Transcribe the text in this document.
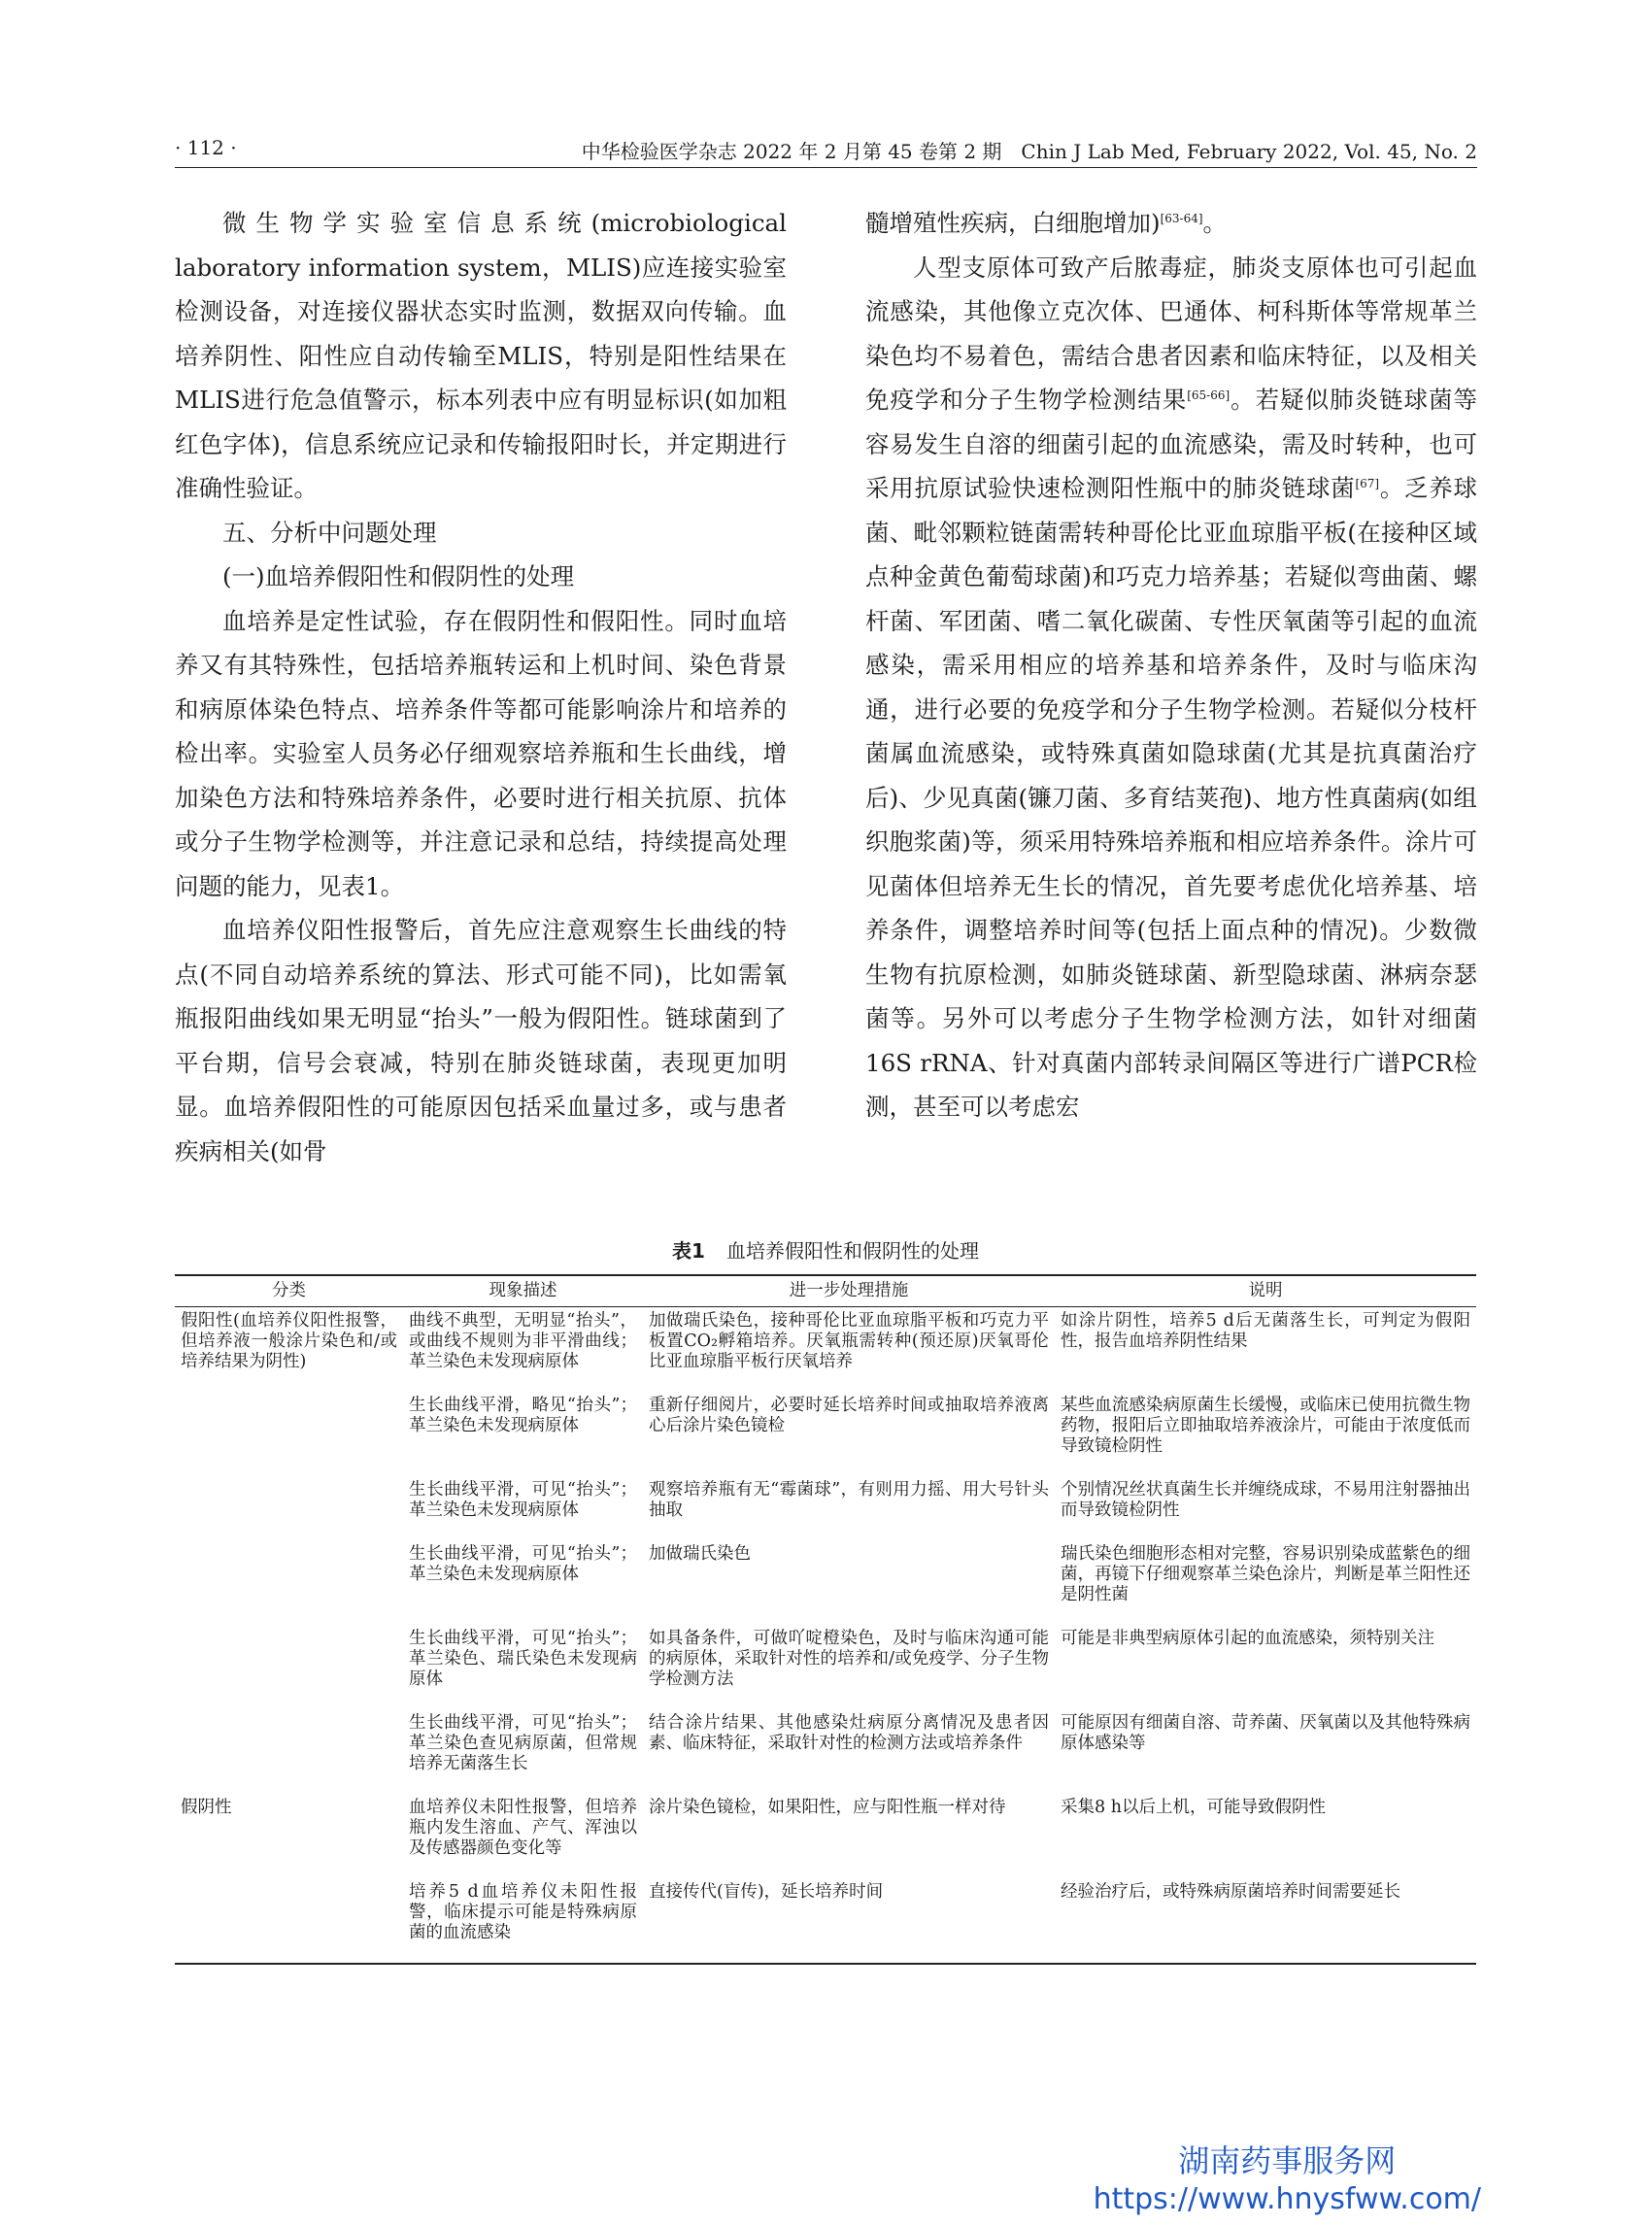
· 112 ·	中华检验医学杂志 2022 年 2 月第 45 卷第 2 期　Chin J Lab Med, February 2022, Vol. 45, No. 2

微生物学实验室信息系统(microbiological laboratory information system，MLIS)应连接实验室检测设备，对连接仪器状态实时监测，数据双向传输。血培养阴性、阳性应自动传输至MLIS，特别是阳性结果在MLIS进行危急值警示，标本列表中应有明显标识(如加粗红色字体)，信息系统应记录和传输报阳时长，并定期进行准确性验证。

五、分析中问题处理

(一)血培养假阳性和假阴性的处理

血培养是定性试验，存在假阴性和假阳性。同时血培养又有其特殊性，包括培养瓶转运和上机时间、染色背景和病原体染色特点、培养条件等都可能影响涂片和培养的检出率。实验室人员务必仔细观察培养瓶和生长曲线，增加染色方法和特殊培养条件，必要时进行相关抗原、抗体或分子生物学检测等，并注意记录和总结，持续提高处理问题的能力，见表1。

血培养仪阳性报警后，首先应注意观察生长曲线的特点(不同自动培养系统的算法、形式可能不同)，比如需氧瓶报阳曲线如果无明显“抬头”一般为假阳性。链球菌到了平台期，信号会衰减，特别在肺炎链球菌，表现更加明显。血培养假阳性的可能原因包括采血量过多，或与患者疾病相关(如骨

髓增殖性疾病，白细胞增加)[63-64]。

人型支原体可致产后脓毒症，肺炎支原体也可引起血流感染，其他像立克次体、巴通体、柯科斯体等常规革兰染色均不易着色，需结合患者因素和临床特征，以及相关免疫学和分子生物学检测结果[65-66]。若疑似肺炎链球菌等容易发生自溶的细菌引起的血流感染，需及时转种，也可采用抗原试验快速检测阳性瓶中的肺炎链球菌[67]。乏养球菌、毗邻颗粒链菌需转种哥伦比亚血琼脂平板(在接种区域点种金黄色葡萄球菌)和巧克力培养基；若疑似弯曲菌、螺杆菌、军团菌、嗜二氧化碳菌、专性厌氧菌等引起的血流感染，需采用相应的培养基和培养条件，及时与临床沟通，进行必要的免疫学和分子生物学检测。若疑似分枝杆菌属血流感染，或特殊真菌如隐球菌(尤其是抗真菌治疗后)、少见真菌(镰刀菌、多育结荚孢)、地方性真菌病(如组织胞浆菌)等，须采用特殊培养瓶和相应培养条件。涂片可见菌体但培养无生长的情况，首先要考虑优化培养基、培养条件，调整培养时间等(包括上面点种的情况)。少数微生物有抗原检测，如肺炎链球菌、新型隐球菌、淋病奈瑟菌等。另外可以考虑分子生物学检测方法，如针对细菌16S rRNA、针对真菌内部转录间隔区等进行广谱PCR检测，甚至可以考虑宏

表1 血培养假阳性和假阴性的处理
分类	现象描述	进一步处理措施	说明
假阳性(血培养仪阳性报警，但培养液一般涂片染色和/或培养结果为阴性)	曲线不典型，无明显“抬头”，或曲线不规则为非平滑曲线；革兰染色未发现病原体	加做瑞氏染色，接种哥伦比亚血琼脂平板和巧克力平板置CO₂孵箱培养。厌氧瓶需转种(预还原)厌氧哥伦比亚血琼脂平板行厌氧培养	如涂片阴性，培养5 d后无菌落生长，可判定为假阳性，报告血培养阴性结果
	生长曲线平滑，略见“抬头”；革兰染色未发现病原体	重新仔细阅片，必要时延长培养时间或抽取培养液离心后涂片染色镜检	某些血流感染病原菌生长缓慢，或临床已使用抗微生物药物，报阳后立即抽取培养液涂片，可能由于浓度低而导致镜检阴性
	生长曲线平滑，可见“抬头”；革兰染色未发现病原体	观察培养瓶有无“霉菌球”，有则用力摇、用大号针头抽取	个别情况丝状真菌生长并缠绕成球，不易用注射器抽出而导致镜检阴性
	生长曲线平滑，可见“抬头”；革兰染色未发现病原体	加做瑞氏染色	瑞氏染色细胞形态相对完整，容易识别染成蓝紫色的细菌，再镜下仔细观察革兰染色涂片，判断是革兰阳性还是阴性菌
	生长曲线平滑，可见“抬头”；革兰染色、瑞氏染色未发现病原体	如具备条件，可做吖啶橙染色，及时与临床沟通可能的病原体，采取针对性的培养和/或免疫学、分子生物学检测方法	可能是非典型病原体引起的血流感染，须特别关注
	生长曲线平滑，可见“抬头”；革兰染色查见病原菌，但常规培养无菌落生长	结合涂片结果、其他感染灶病原分离情况及患者因素、临床特征，采取针对性的检测方法或培养条件	可能原因有细菌自溶、苛养菌、厌氧菌以及其他特殊病原体感染等
假阴性	血培养仪未阳性报警，但培养瓶内发生溶血、产气、浑浊以及传感器颜色变化等	涂片染色镜检，如果阳性，应与阳性瓶一样对待	采集8 h以后上机，可能导致假阴性
	培养5 d血培养仪未阳性报警，临床提示可能是特殊病原菌的血流感染	直接传代(盲传)，延长培养时间	经验治疗后，或特殊病原菌培养时间需要延长
湖南药事服务网
https://www.hnysfww.com/
